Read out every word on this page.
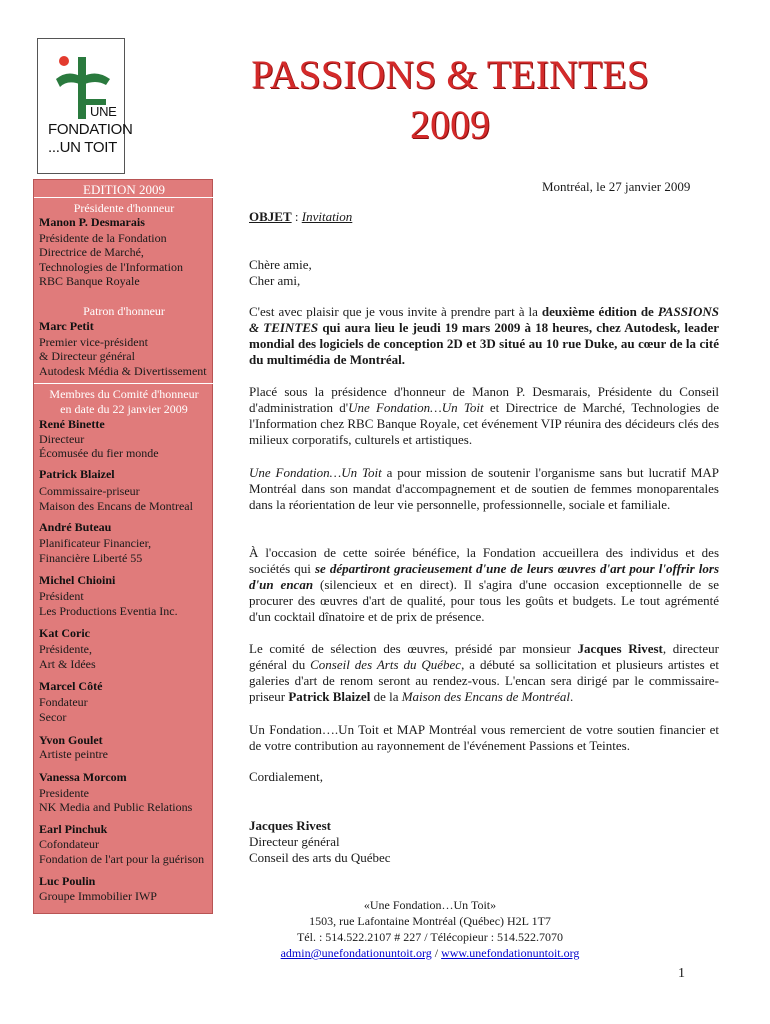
UNE
FONDATION
...UN TOIT
PASSIONS & TEINTES
2009
EDITION 2009
Présidente d'honneur
Manon P. Desmarais
Présidente de la Fondation
Directrice de Marché,
Technologies de l'Information
RBC Banque Royale
Patron d'honneur
Marc Petit
Premier vice-président
& Directeur général
Autodesk Média & Divertissement
Membres du Comité d'honneur
en date du 22 janvier 2009
René Binette
Directeur
Écomusée du fier monde
Patrick Blaizel
Commissaire-priseur
Maison des Encans de Montreal
André Buteau
Planificateur Financier,
Financière Liberté 55
Michel Chioini
Président
Les Productions Eventia Inc.
Kat Coric
Présidente,
Art & Idées
Marcel Côté
Fondateur
Secor
Yvon Goulet
Artiste peintre
Vanessa Morcom
Presidente
NK Media and Public Relations
Earl Pinchuk
Cofondateur
Fondation de l'art pour la guérison
Luc Poulin
Groupe Immobilier IWP
Montréal, le 27 janvier 2009
OBJET : Invitation
Chère amie,
Cher ami,
C'est avec plaisir que je vous invite à prendre part à la deuxième édition de PASSIONS & TEINTES qui aura lieu le jeudi 19 mars 2009 à 18 heures, chez Autodesk, leader mondial des logiciels de conception 2D et 3D situé au 10 rue Duke, au cœur de la cité du multimédia de Montréal.
Placé sous la présidence d'honneur de Manon P. Desmarais, Présidente du Conseil d'administration d'Une Fondation…Un Toit et Directrice de Marché, Technologies de l'Information chez RBC Banque Royale, cet événement VIP réunira des décideurs clés des milieux corporatifs, culturels et artistiques.
Une Fondation…Un Toit a pour mission de soutenir l'organisme sans but lucratif MAP Montréal dans son mandat d'accompagnement et de soutien de femmes monoparentales dans la réorientation de leur vie personnelle, professionnelle, sociale et familiale.
À l'occasion de cette soirée bénéfice, la Fondation accueillera des individus et des sociétés qui se départiront gracieusement d'une de leurs œuvres d'art pour l'offrir lors d'un encan (silencieux et en direct). Il s'agira d'une occasion exceptionnelle de se procurer des œuvres d'art de qualité, pour tous les goûts et budgets. Le tout agrémenté d'un cocktail dînatoire et de prix de présence.
Le comité de sélection des œuvres, présidé par monsieur Jacques Rivest, directeur général du Conseil des Arts du Québec, a débuté sa sollicitation et plusieurs artistes et galeries d'art de renom seront au rendez-vous. L'encan sera dirigé par le commissaire-priseur Patrick Blaizel de la Maison des Encans de Montréal.
Un Fondation….Un Toit et MAP Montréal vous remercient de votre soutien financier et de votre contribution au rayonnement de l'événement Passions et Teintes.
Cordialement,
Jacques Rivest
Directeur général
Conseil des arts du Québec
«Une Fondation…Un Toit»
1503, rue Lafontaine Montréal (Québec) H2L 1T7
Tél. : 514.522.2107 # 227 / Télécopieur : 514.522.7070
admin@unefondationuntoit.org / www.unefondationuntoit.org
1
